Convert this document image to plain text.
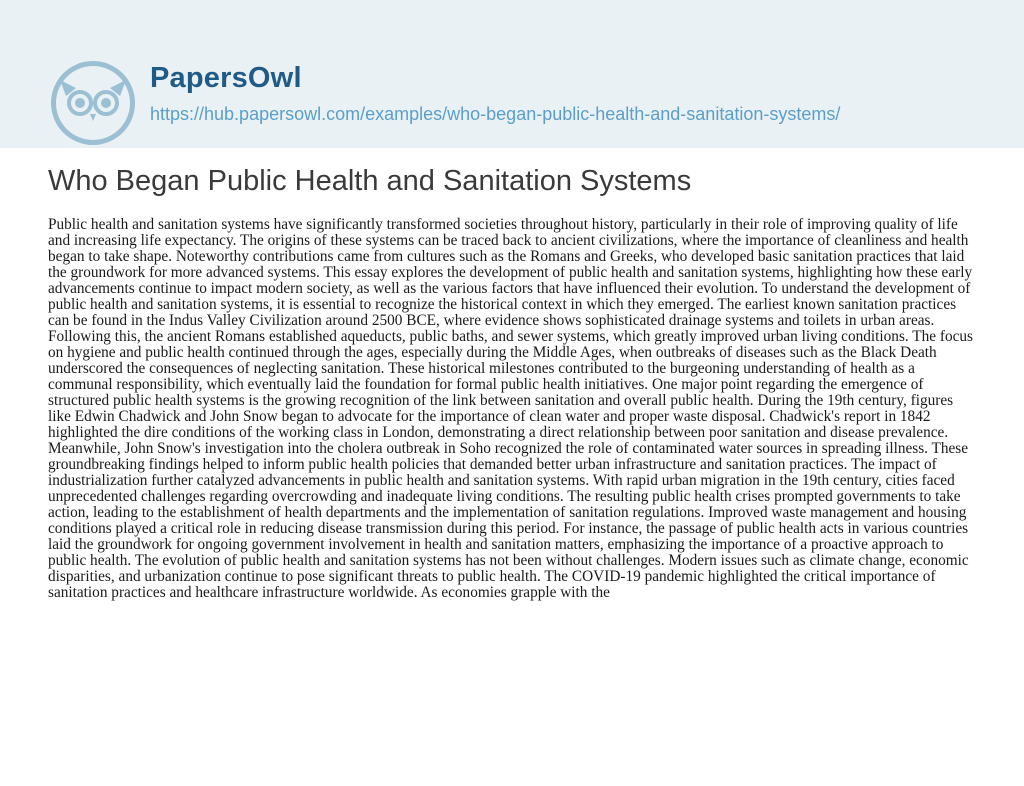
PapersOwl
https://hub.papersowl.com/examples/who-began-public-health-and-sanitation-systems/
Who Began Public Health and Sanitation Systems

Public health and sanitation systems have significantly transformed societies throughout history, particularly in their role of improving quality of life and increasing life expectancy. The origins of these systems can be traced back to ancient civilizations, where the importance of cleanliness and health began to take shape. Noteworthy contributions came from cultures such as the Romans and Greeks, who developed basic sanitation practices that laid the groundwork for more advanced systems. This essay explores the development of public health and sanitation systems, highlighting how these early advancements continue to impact modern society, as well as the various factors that have influenced their evolution. To understand the development of public health and sanitation systems, it is essential to recognize the historical context in which they emerged. The earliest known sanitation practices can be found in the Indus Valley Civilization around 2500 BCE, where evidence shows sophisticated drainage systems and toilets in urban areas. Following this, the ancient Romans established aqueducts, public baths, and sewer systems, which greatly improved urban living conditions. The focus on hygiene and public health continued through the ages, especially during the Middle Ages, when outbreaks of diseases such as the Black Death underscored the consequences of neglecting sanitation. These historical milestones contributed to the burgeoning understanding of health as a communal responsibility, which eventually laid the foundation for formal public health initiatives. One major point regarding the emergence of structured public health systems is the growing recognition of the link between sanitation and overall public health. During the 19th century, figures like Edwin Chadwick and John Snow began to advocate for the importance of clean water and proper waste disposal. Chadwick's report in 1842 highlighted the dire conditions of the working class in London, demonstrating a direct relationship between poor sanitation and disease prevalence. Meanwhile, John Snow's investigation into the cholera outbreak in Soho recognized the role of contaminated water sources in spreading illness. These groundbreaking findings helped to inform public health policies that demanded better urban infrastructure and sanitation practices. The impact of industrialization further catalyzed advancements in public health and sanitation systems. With rapid urban migration in the 19th century, cities faced unprecedented challenges regarding overcrowding and inadequate living conditions. The resulting public health crises prompted governments to take action, leading to the establishment of health departments and the implementation of sanitation regulations. Improved waste management and housing conditions played a critical role in reducing disease transmission during this period. For instance, the passage of public health acts in various countries laid the groundwork for ongoing government involvement in health and sanitation matters, emphasizing the importance of a proactive approach to public health. The evolution of public health and sanitation systems has not been without challenges. Modern issues such as climate change, economic disparities, and urbanization continue to pose significant threats to public health. The COVID-19 pandemic highlighted the critical importance of sanitation practices and healthcare infrastructure worldwide. As economies grapple with the
